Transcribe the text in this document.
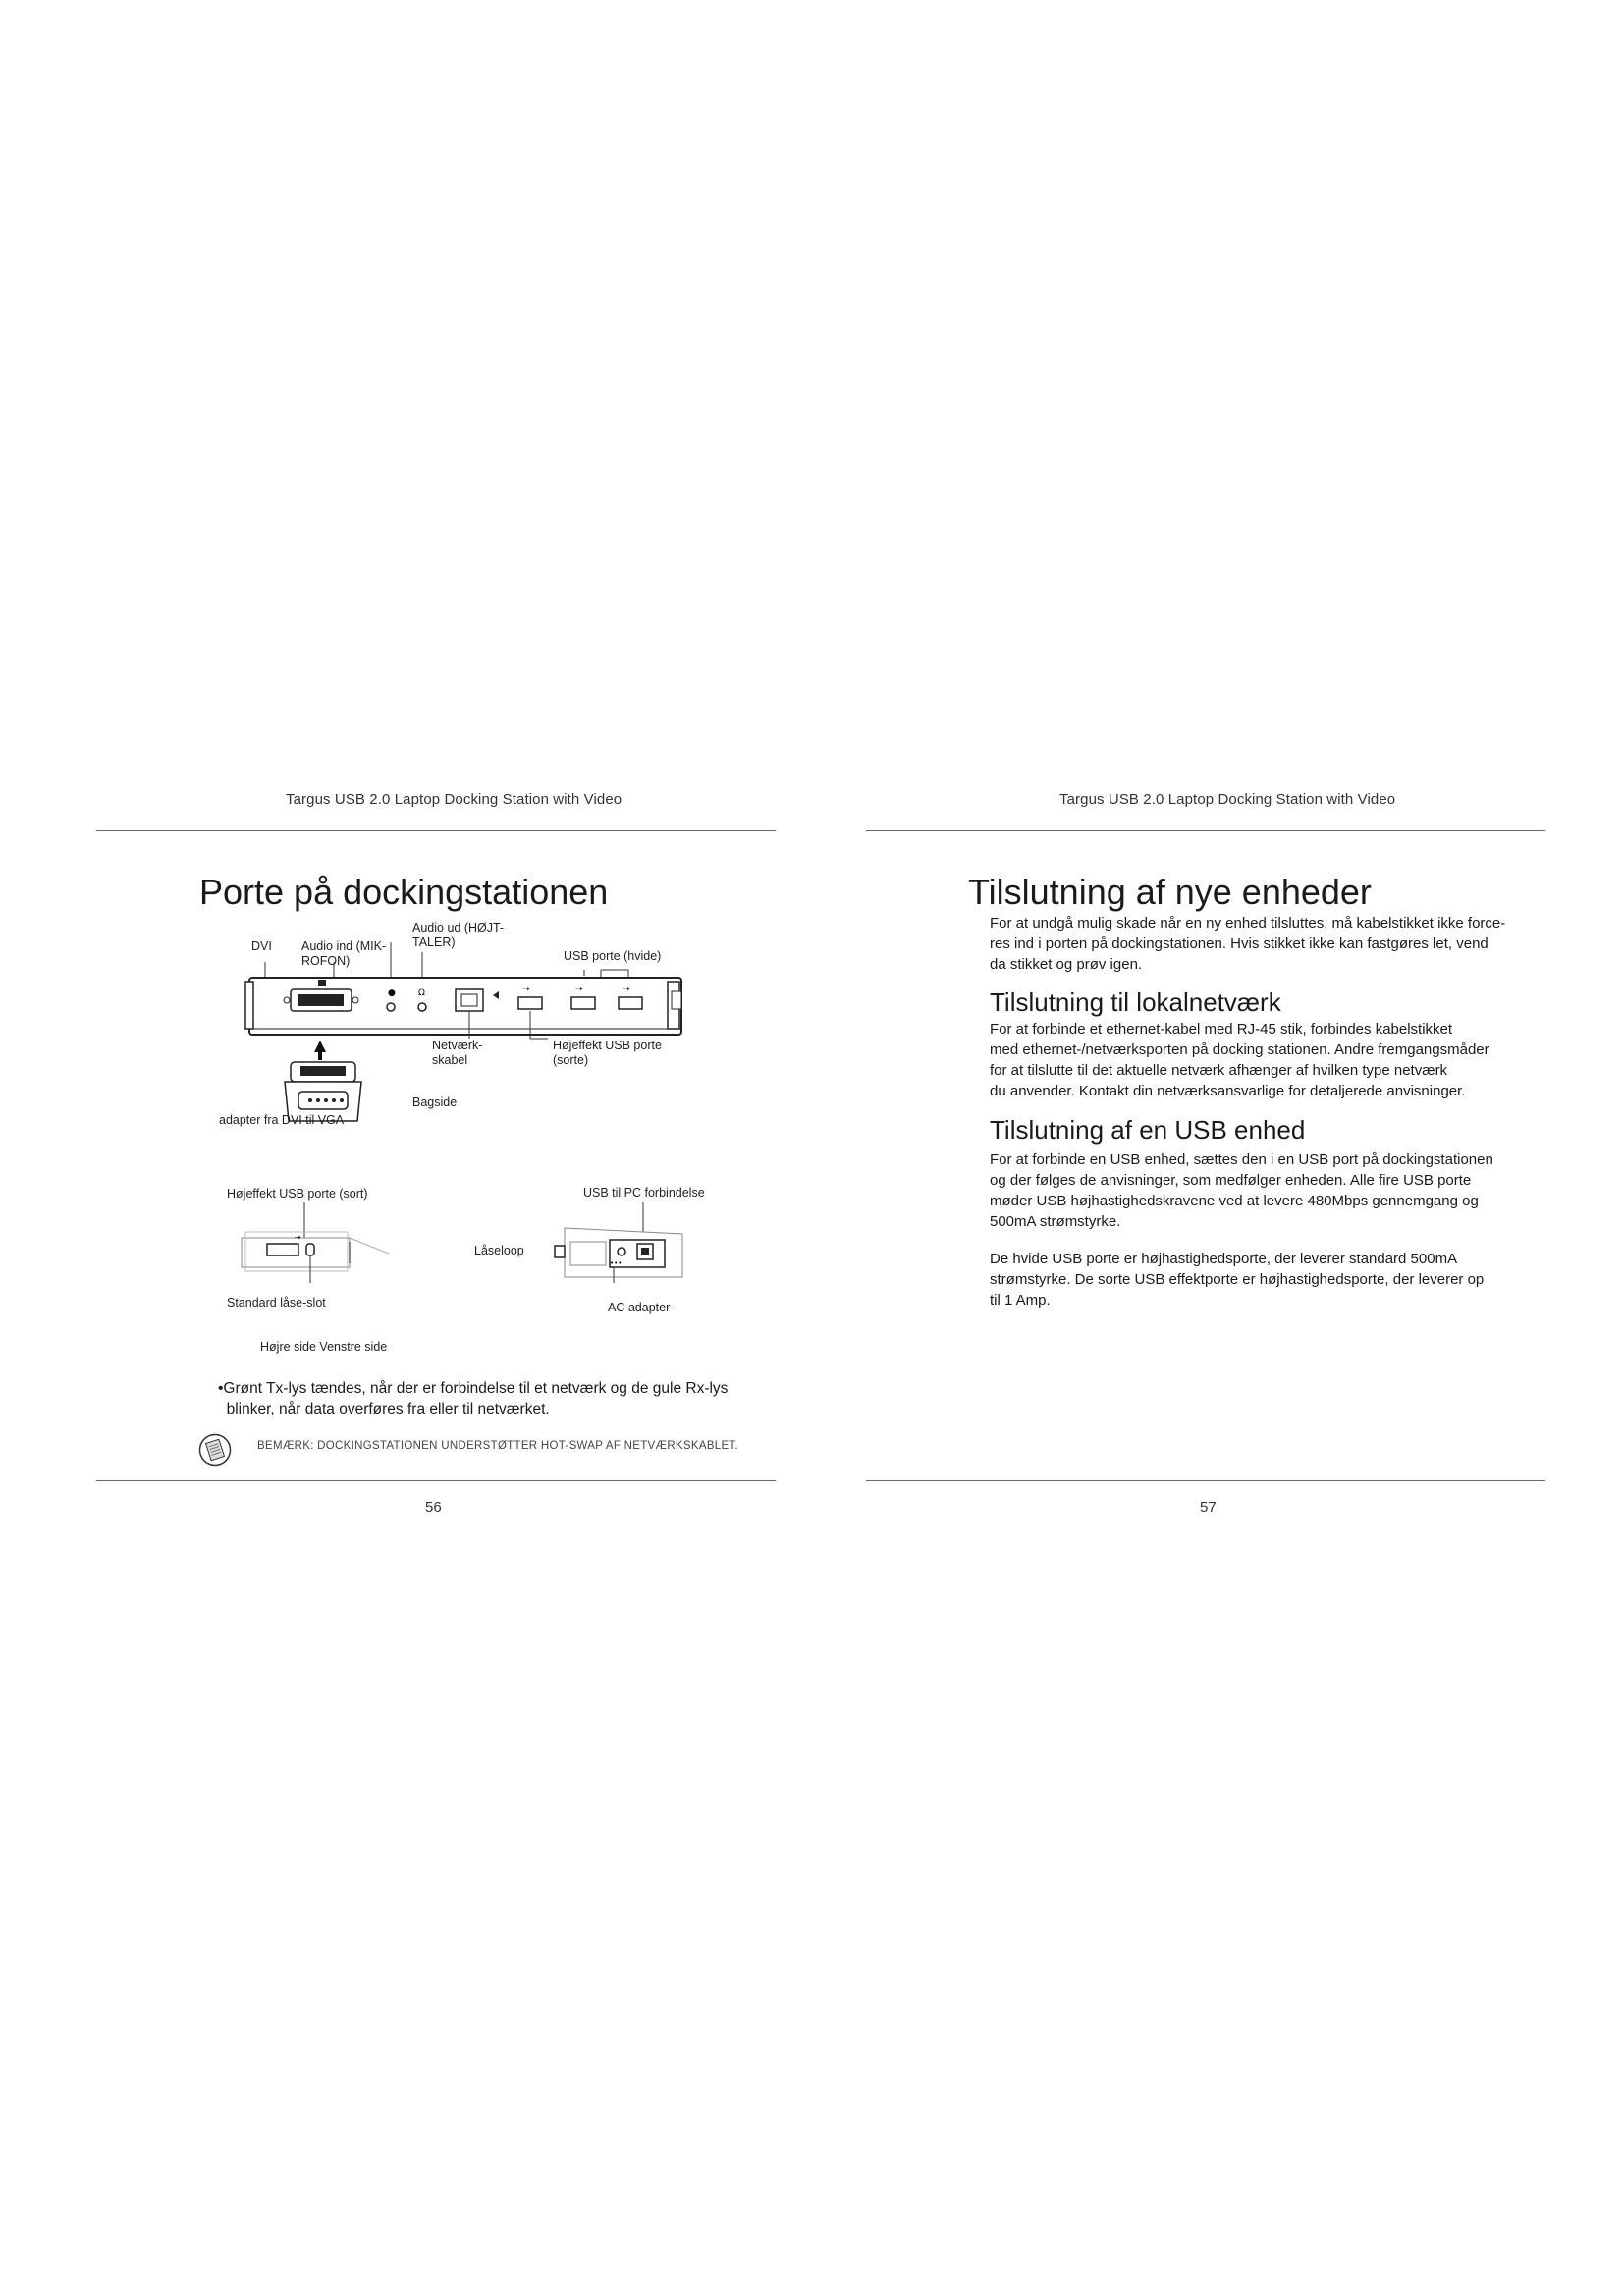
Targus USB 2.0 Laptop Docking Station with Video
Porte på dockingstationen
Audio ud (HØJT-
TALER)
DVI Audio ind (MIK-
ROFON)	USB porte (hvide)
●	Ω	⇢	⇢	⇢
Netværk-
skabel
Højeffekt USB porte
(sorte)
Bagside
adapter fra DVI til VGA
Højeffekt USB porte (sort)	USB til PC forbindelse
⇢
Låseloop
•••
Standard låse-slot	AC adapter
Højre side Venstre side
•Grønt Tx-lys tændes, når der er forbindelse til et netværk og de gule Rx-lys
blinker, når data overføres fra eller til netværket.
BEMÆRK: DOCKINGSTATIONEN UNDERSTØTTER HOT-SWAP AF NETVÆRKSKABLET.
56
Targus USB 2.0 Laptop Docking Station with Video
Tilslutning af nye enheder
For at undgå mulig skade når en ny enhed tilsluttes, må kabelstikket ikke force-
res ind i porten på dockingstationen. Hvis stikket ikke kan fastgøres let, vend
da stikket og prøv igen.
Tilslutning til lokalnetværk
For at forbinde et ethernet-kabel med RJ-45 stik, forbindes kabelstikket
med ethernet-/netværksporten på docking stationen. Andre fremgangsmåder
for at tilslutte til det aktuelle netværk afhænger af hvilken type netværk
du anvender. Kontakt din netværksansvarlige for detaljerede anvisninger.
Tilslutning af en USB enhed
For at forbinde en USB enhed, sættes den i en USB port på dockingstationen
og der følges de anvisninger, som medfølger enheden. Alle fire USB porte
møder USB højhastighedskravene ved at levere 480Mbps gennemgang og
500mA strømstyrke.
De hvide USB porte er højhastighedsporte, der leverer standard 500mA
strømstyrke. De sorte USB effektporte er højhastighedsporte, der leverer op
til 1 Amp.
57
